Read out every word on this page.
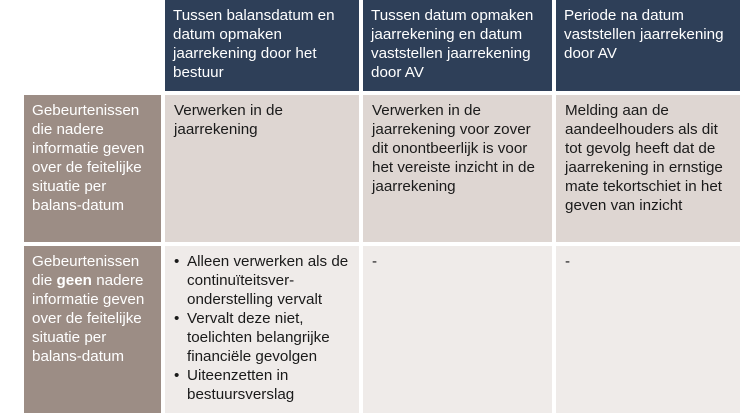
Tussen balansdatum en datum opmaken jaarrekening door het bestuur
Tussen datum opmaken jaarrekening en datum vaststellen jaarrekening door AV
Periode na datum vaststellen jaarrekening door AV
Gebeurtenissen die nadere informatie geven over de feitelijke situatie per balans-datum
Verwerken in de jaarrekening
Verwerken in de jaarrekening voor zover dit onontbeerlijk is voor het vereiste inzicht in de jaarrekening
Melding aan de aandeelhouders als dit tot gevolg heeft dat de jaarrekening in ernstige mate tekortschiet in het geven van inzicht
Gebeurtenissen die geen nadere informatie geven over de feitelijke situatie per balans-datum
• Alleen verwerken als de continuïteitsver-onderstelling vervalt
• Vervalt deze niet, toelichten belangrijke financiële gevolgen
• Uiteenzetten in bestuursverslag
-	-
